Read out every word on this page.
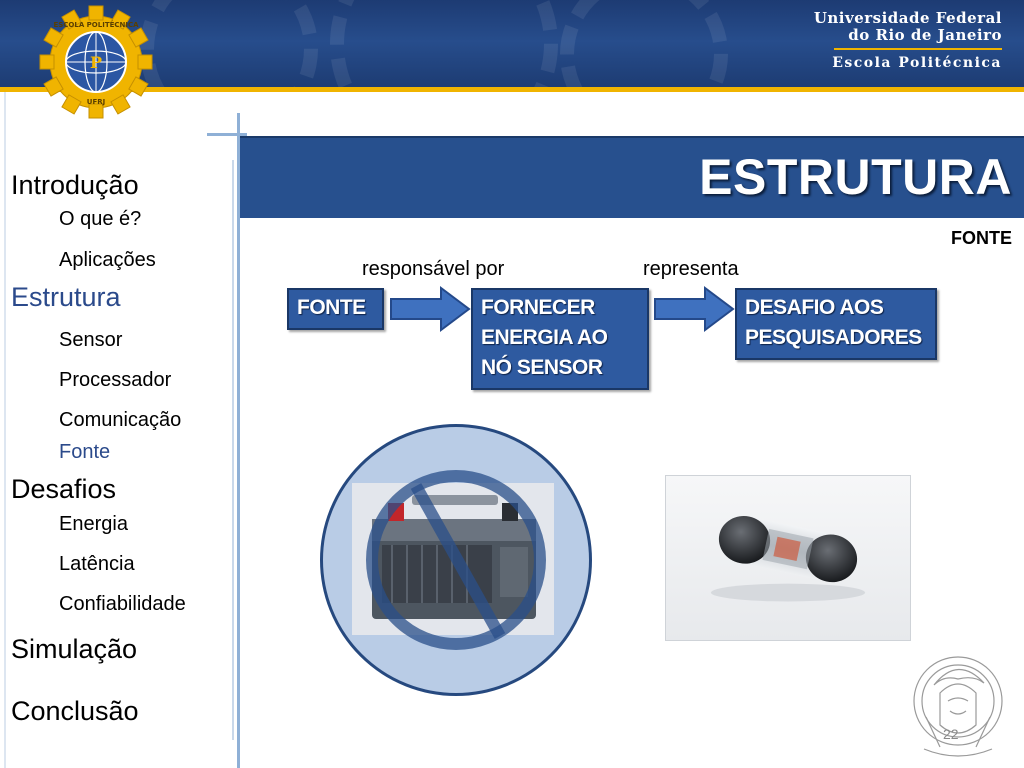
Universidade Federal
do Rio de Janeiro
Escola Politécnica
P
ESCOLA POLITÉCNICA
UFRJ
Introdução
O que é?
Aplicações
Estrutura
Sensor
Processador
Comunicação
Fonte
Desafios
Energia
Latência
Confiabilidade
Simulação
Conclusão
ESTRUTURA
FONTE
responsável por	representa
FONTE	FORNECER
ENERGIA AO
NÓ SENSOR
DESAFIO AOS
PESQUISADORES
22
